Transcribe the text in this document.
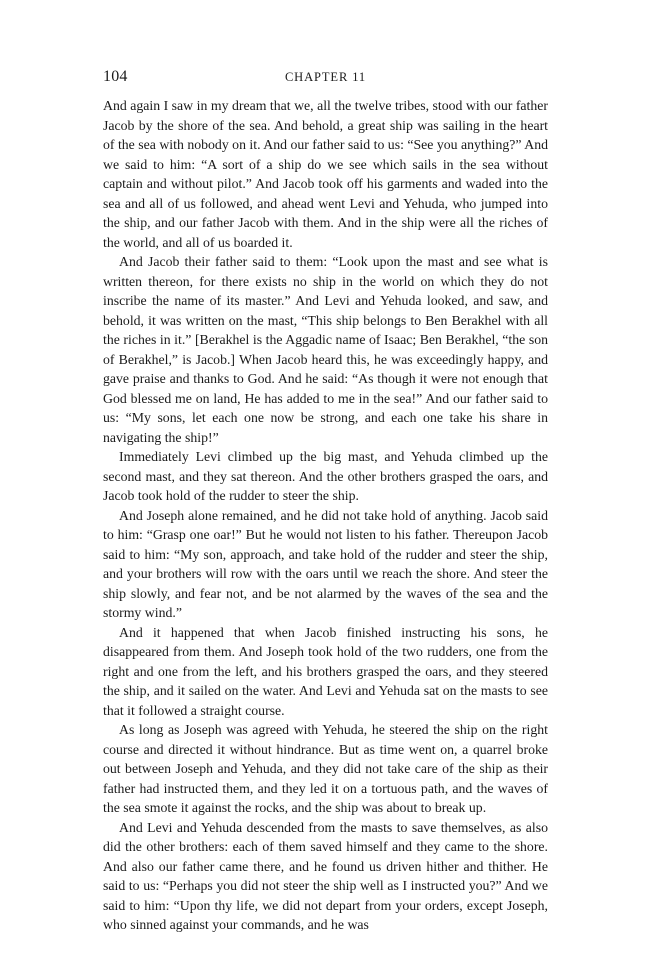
104	CHAPTER 11

And again I saw in my dream that we, all the twelve tribes, stood with our father Jacob by the shore of the sea. And behold, a great ship was sailing in the heart of the sea with nobody on it. And our father said to us: “See you anything?” And we said to him: “A sort of a ship do we see which sails in the sea without captain and without pilot.” And Jacob took off his garments and waded into the sea and all of us followed, and ahead went Levi and Yehuda, who jumped into the ship, and our father Jacob with them. And in the ship were all the riches of the world, and all of us boarded it.

And Jacob their father said to them: “Look upon the mast and see what is written thereon, for there exists no ship in the world on which they do not inscribe the name of its master.” And Levi and Yehuda looked, and saw, and behold, it was written on the mast, “This ship belongs to Ben Berakhel with all the riches in it.” [Berakhel is the Aggadic name of Isaac; Ben Berakhel, “the son of Berakhel,” is Jacob.] When Jacob heard this, he was exceedingly happy, and gave praise and thanks to God. And he said: “As though it were not enough that God blessed me on land, He has added to me in the sea!” And our father said to us: “My sons, let each one now be strong, and each one take his share in navigating the ship!”

Immediately Levi climbed up the big mast, and Yehuda climbed up the second mast, and they sat thereon. And the other brothers grasped the oars, and Jacob took hold of the rudder to steer the ship.

And Joseph alone remained, and he did not take hold of anything. Jacob said to him: “Grasp one oar!” But he would not listen to his father. Thereupon Jacob said to him: “My son, approach, and take hold of the rudder and steer the ship, and your brothers will row with the oars until we reach the shore. And steer the ship slowly, and fear not, and be not alarmed by the waves of the sea and the stormy wind.”

And it happened that when Jacob finished instructing his sons, he disappeared from them. And Joseph took hold of the two rudders, one from the right and one from the left, and his brothers grasped the oars, and they steered the ship, and it sailed on the water. And Levi and Yehuda sat on the masts to see that it followed a straight course.

As long as Joseph was agreed with Yehuda, he steered the ship on the right course and directed it without hindrance. But as time went on, a quarrel broke out between Joseph and Yehuda, and they did not take care of the ship as their father had instructed them, and they led it on a tortuous path, and the waves of the sea smote it against the rocks, and the ship was about to break up.

And Levi and Yehuda descended from the masts to save themselves, as also did the other brothers: each of them saved himself and they came to the shore. And also our father came there, and he found us driven hither and thither. He said to us: “Perhaps you did not steer the ship well as I instructed you?” And we said to him: “Upon thy life, we did not depart from your orders, except Joseph, who sinned against your commands, and he was
